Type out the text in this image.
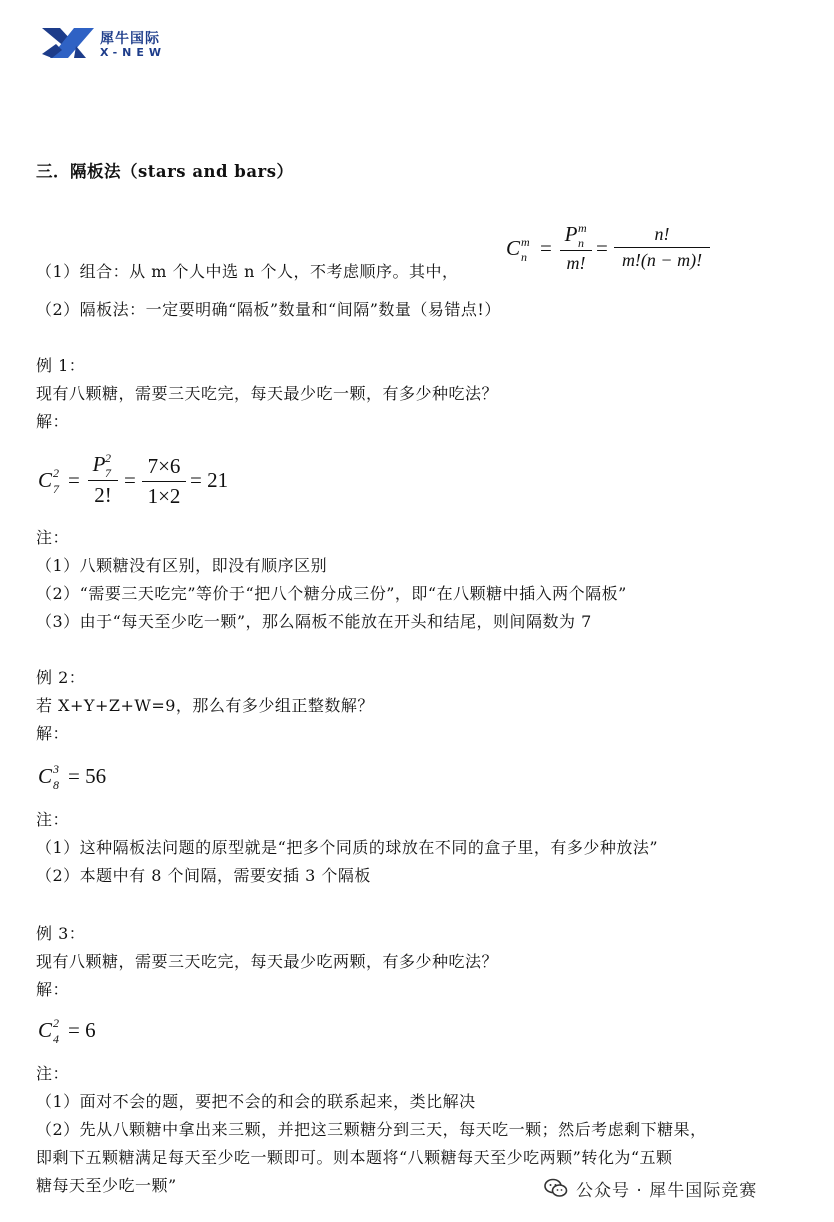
犀牛国际
X-NEW
三．隔板法（stars and bars）
C m
n = P m
n
m! = $\frac{n!}{m!(n - m)!}$
（1）组合：从 m 个人中选 n 个人，不考虑顺序。其中，
（2）隔板法：一定要明确“隔板”数量和“间隔”数量（易错点!）
例 1：
现有八颗糖，需要三天吃完，每天最少吃一颗，有多少种吃法？
解：
C 2
7 = P 2
7
2! = $\frac{7\times 6}{1\times 2} = 21$
注：
（1）八颗糖没有区别，即没有顺序区别
（2）“需要三天吃完”等价于“把八个糖分成三份”，即“在八颗糖中插入两个隔板”
（3）由于“每天至少吃一颗”，那么隔板不能放在开头和结尾，则间隔数为 7
例 2：
若 X+Y+Z+W=9，那么有多少组正整数解？
解：
C 3
8 = 56
注：
（1）这种隔板法问题的原型就是“把多个同质的球放在不同的盒子里，有多少种放法”
（2）本题中有 8 个间隔，需要安插 3 个隔板
例 3：
现有八颗糖，需要三天吃完，每天最少吃两颗，有多少种吃法？
解：
C 2
4 = 6
注：
（1）面对不会的题，要把不会的和会的联系起来，类比解决
（2）先从八颗糖中拿出来三颗，并把这三颗糖分到三天，每天吃一颗；然后考虑剩下糖果，
即剩下五颗糖满足每天至少吃一颗即可。则本题将“八颗糖每天至少吃两颗”转化为“五颗
糖每天至少吃一颗”	公众号 · 犀牛国际竞赛
